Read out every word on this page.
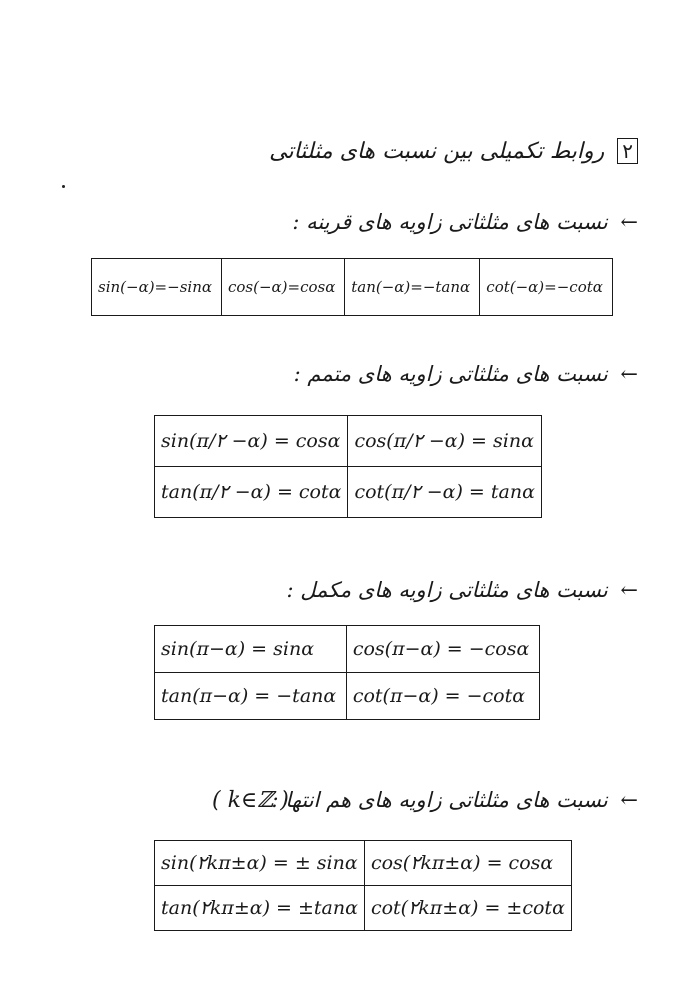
۲ روابط تکمیلی بین نسبت های مثلثاتی
← نسبت های مثلثاتی زاویه های قرینه :
sin(−α)=−sinα	cos(−α)=cosα	tan(−α)=−tanα	cot(−α)=−cotα
← نسبت های مثلثاتی زاویه های متمم :
sin(π/۲ −α) = cosα	cos(π/۲ −α) = sinα
tan(π/۲ −α) = cotα	cot(π/۲ −α) = tanα
← نسبت های مثلثاتی زاویه های مکمل :
sin(π−α) = sinα	cos(π−α) = −cosα
tan(π−α) = −tanα	cot(π−α) = −cotα
← نسبت های مثلثاتی زاویه های هم انتها :
( k∈ℤ )
sin(۲kπ±α) = ± sinα	cos(۲kπ±α) = cosα
tan(۲kπ±α) = ±tanα	cot(۲kπ±α) = ±cotα
